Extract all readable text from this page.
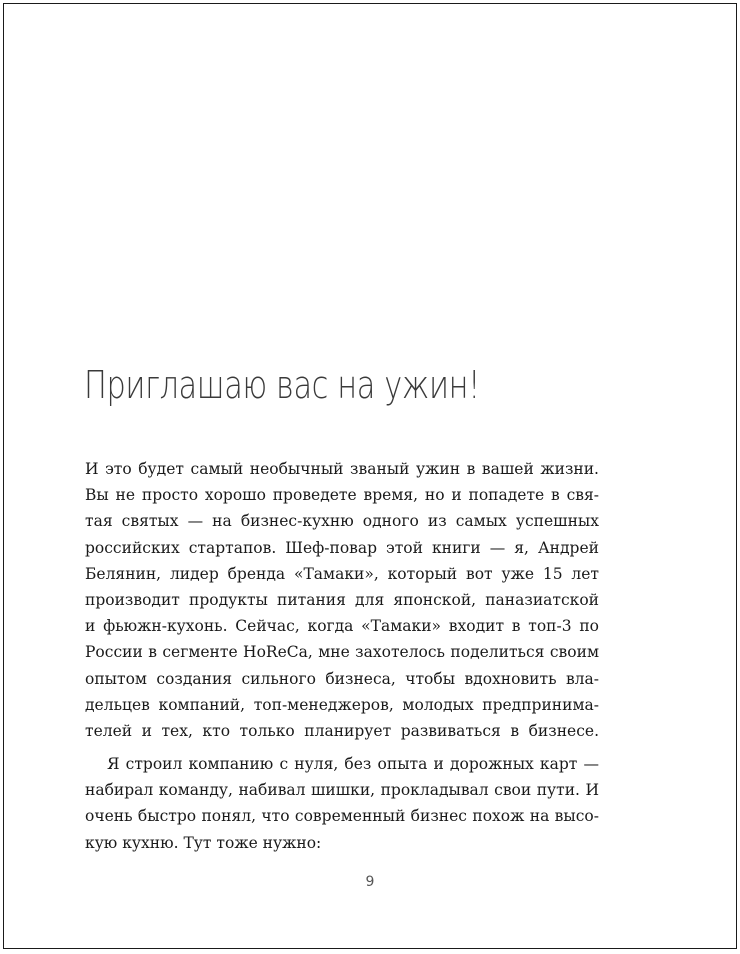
Приглашаю вас на ужин!
И это будет самый необычный званый ужин в вашей жизни.
Вы не просто хорошо проведете время, но и попадете в свя-
тая святых — на бизнес-кухню одного из самых успешных
российских стартапов. Шеф-повар этой книги — я, Андрей
Белянин, лидер бренда «Тамаки», который вот уже 15 лет
производит продукты питания для японской, паназиатской
и фьюжн-кухонь. Сейчас, когда «Тамаки» входит в топ-3 по
России в сегменте HoReCa, мне захотелось поделиться своим
опытом создания сильного бизнеса, чтобы вдохновить вла-
дельцев компаний, топ-менеджеров, молодых предпринима-
телей и тех, кто только планирует развиваться в бизнесе.
Я строил компанию с нуля, без опыта и дорожных карт —
набирал команду, набивал шишки, прокладывал свои пути. И
очень быстро понял, что современный бизнес похож на высо-
кую кухню. Тут тоже нужно:
9
